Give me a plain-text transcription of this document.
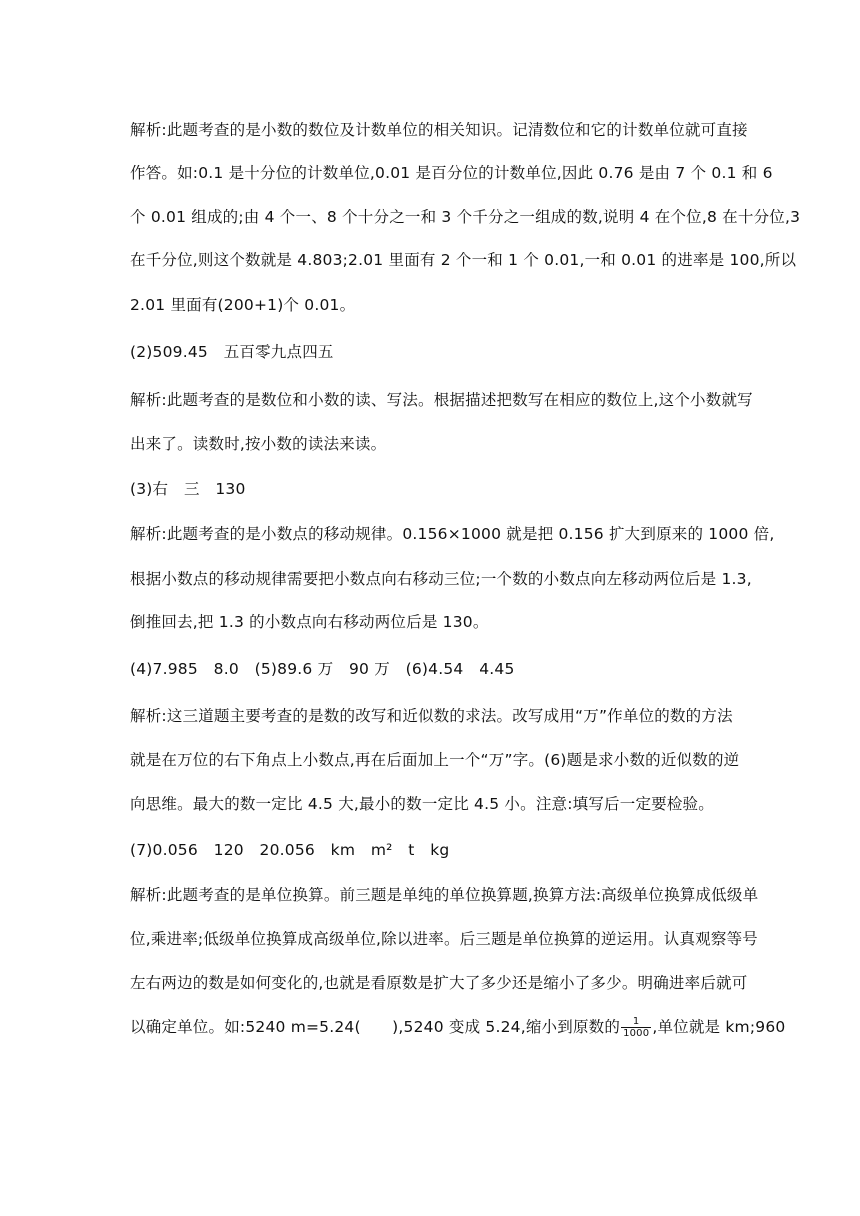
解析:此题考查的是小数的数位及计数单位的相关知识。记清数位和它的计数单位就可直接
作答。如:0.1 是十分位的计数单位,0.01 是百分位的计数单位,因此 0.76 是由 7 个 0.1 和 6
个 0.01 组成的;由 4 个一、8 个十分之一和 3 个千分之一组成的数,说明 4 在个位,8 在十分位,3
在千分位,则这个数就是 4.803;2.01 里面有 2 个一和 1 个 0.01,一和 0.01 的进率是 100,所以
2.01 里面有(200+1)个 0.01。
(2)509.45　五百零九点四五
解析:此题考查的是数位和小数的读、写法。根据描述把数写在相应的数位上,这个小数就写
出来了。读数时,按小数的读法来读。
(3)右　三　130
解析:此题考查的是小数点的移动规律。0.156×1000 就是把 0.156 扩大到原来的 1000 倍,
根据小数点的移动规律需要把小数点向右移动三位;一个数的小数点向左移动两位后是 1.3,
倒推回去,把 1.3 的小数点向右移动两位后是 130。
(4)7.985　8.0　(5)89.6 万　90 万　(6)4.54　4.45
解析:这三道题主要考查的是数的改写和近似数的求法。改写成用“万”作单位的数的方法
就是在万位的右下角点上小数点,再在后面加上一个“万”字。(6)题是求小数的近似数的逆
向思维。最大的数一定比 4.5 大,最小的数一定比 4.5 小。注意:填写后一定要检验。
(7)0.056　120　20.056　km　m²　t　kg
解析:此题考查的是单位换算。前三题是单纯的单位换算题,换算方法:高级单位换算成低级单
位,乘进率;低级单位换算成高级单位,除以进率。后三题是单位换算的逆运用。认真观察等号
左右两边的数是如何变化的,也就是看原数是扩大了多少还是缩小了多少。明确进率后就可
以确定单位。如:5240 m=5.24(　　),5240 变成 5.24,缩小到原数的 $\frac{1}{1000}$ ,单位就是 km;960
